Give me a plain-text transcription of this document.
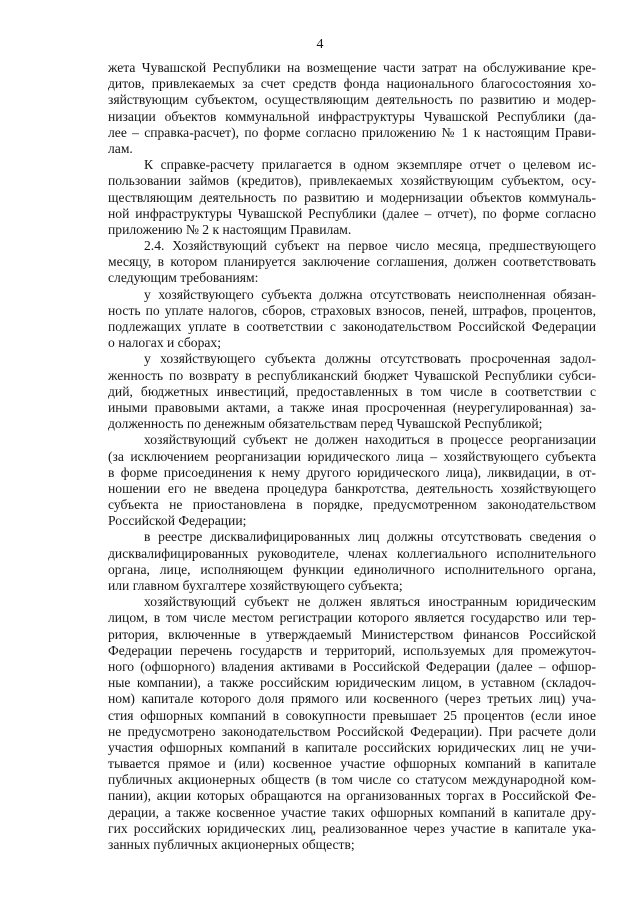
4
жета Чувашской Республики на возмещение части затрат на обслуживание кре-
дитов, привлекаемых за счет средств фонда национального благосостояния хо-
зяйствующим субъектом, осуществляющим деятельность по развитию и модер-
низации объектов коммунальной инфраструктуры Чувашской Республики (да-
лее – справка-расчет), по форме согласно приложению № 1 к настоящим Прави-
лам.
К справке-расчету прилагается в одном экземпляре отчет о целевом ис-
пользовании займов (кредитов), привлекаемых хозяйствующим субъектом, осу-
ществляющим деятельность по развитию и модернизации объектов коммуналь-
ной инфраструктуры Чувашской Республики (далее – отчет), по форме согласно
приложению № 2 к настоящим Правилам.
2.4. Хозяйствующий субъект на первое число месяца, предшествующего
месяцу, в котором планируется заключение соглашения, должен соответствовать
следующим требованиям:
у хозяйствующего субъекта должна отсутствовать неисполненная обязан-
ность по уплате налогов, сборов, страховых взносов, пеней, штрафов, процентов,
подлежащих уплате в соответствии с законодательством Российской Федерации
о налогах и сборах;
у хозяйствующего субъекта должны отсутствовать просроченная задол-
женность по возврату в республиканский бюджет Чувашской Республики субси-
дий, бюджетных инвестиций, предоставленных в том числе в соответствии с
иными правовыми актами, а также иная просроченная (неурегулированная) за-
долженность по денежным обязательствам перед Чувашской Республикой;
хозяйствующий субъект не должен находиться в процессе реорганизации
(за исключением реорганизации юридического лица – хозяйствующего субъекта
в форме присоединения к нему другого юридического лица), ликвидации, в от-
ношении его не введена процедура банкротства, деятельность хозяйствующего
субъекта не приостановлена в порядке, предусмотренном законодательством
Российской Федерации;
в реестре дисквалифицированных лиц должны отсутствовать сведения о
дисквалифицированных руководителе, членах коллегиального исполнительного
органа, лице, исполняющем функции единоличного исполнительного органа,
или главном бухгалтере хозяйствующего субъекта;
хозяйствующий субъект не должен являться иностранным юридическим
лицом, в том числе местом регистрации которого является государство или тер-
ритория, включенные в утверждаемый Министерством финансов Российской
Федерации перечень государств и территорий, используемых для промежуточ-
ного (офшорного) владения активами в Российской Федерации (далее – офшор-
ные компании), а также российским юридическим лицом, в уставном (складоч-
ном) капитале которого доля прямого или косвенного (через третьих лиц) уча-
стия офшорных компаний в совокупности превышает 25 процентов (если иное
не предусмотрено законодательством Российской Федерации). При расчете доли
участия офшорных компаний в капитале российских юридических лиц не учи-
тывается прямое и (или) косвенное участие офшорных компаний в капитале
публичных акционерных обществ (в том числе со статусом международной ком-
пании), акции которых обращаются на организованных торгах в Российской Фе-
дерации, а также косвенное участие таких офшорных компаний в капитале дру-
гих российских юридических лиц, реализованное через участие в капитале ука-
занных публичных акционерных обществ;
